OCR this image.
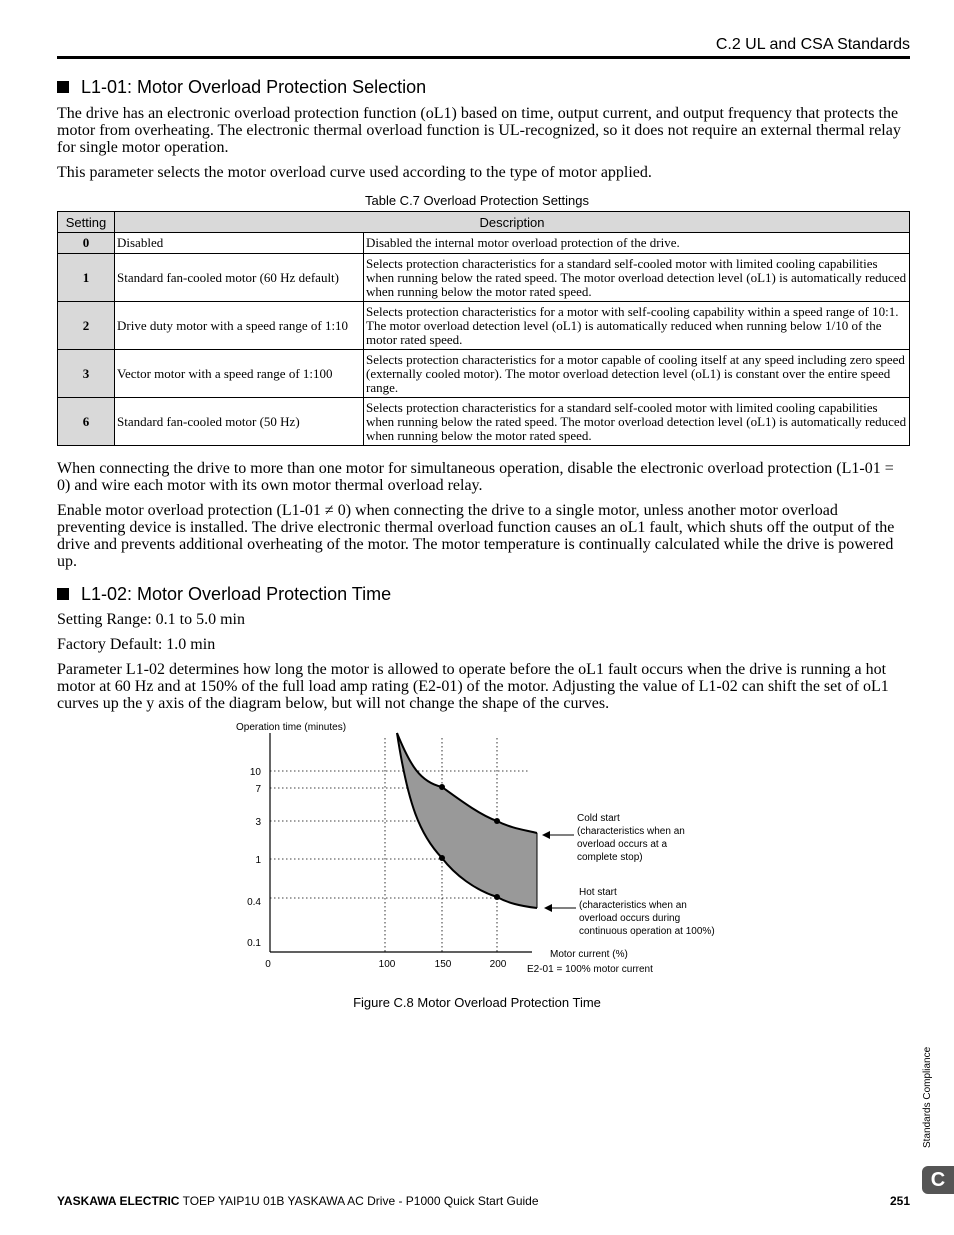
C.2 UL and CSA Standards
L1-01: Motor Overload Protection Selection
The drive has an electronic overload protection function (oL1) based on time, output current, and output frequency that protects the motor from overheating. The electronic thermal overload function is UL-recognized, so it does not require an external thermal relay for single motor operation.
This parameter selects the motor overload curve used according to the type of motor applied.
Table C.7 Overload Protection Settings
Setting	Description	
0	Disabled	Disabled the internal motor overload protection of the drive.
1	Standard fan-cooled motor (60 Hz default)	Selects protection characteristics for a standard self-cooled motor with limited cooling capabilities when running below the rated speed. The motor overload detection level (oL1) is automatically reduced when running below the motor rated speed.
2	Drive duty motor with a speed range of 1:10	Selects protection characteristics for a motor with self-cooling capability within a speed range of 10:1. The motor overload detection level (oL1) is automatically reduced when running below 1/10 of the motor rated speed.
3	Vector motor with a speed range of 1:100	Selects protection characteristics for a motor capable of cooling itself at any speed including zero speed (externally cooled motor). The motor overload detection level (oL1) is constant over the entire speed range.
6	Standard fan-cooled motor (50 Hz)	Selects protection characteristics for a standard self-cooled motor with limited cooling capabilities when running below the rated speed. The motor overload detection level (oL1) is automatically reduced when running below the motor rated speed.
When connecting the drive to more than one motor for simultaneous operation, disable the electronic overload protection (L1-01 = 0) and wire each motor with its own motor thermal overload relay.
Enable motor overload protection (L1-01 ≠ 0) when connecting the drive to a single motor, unless another motor overload preventing device is installed. The drive electronic thermal overload function causes an oL1 fault, which shuts off the output of the drive and prevents additional overheating of the motor. The motor temperature is continually calculated while the drive is powered up.
L1-02: Motor Overload Protection Time
Setting Range: 0.1 to 5.0 min
Factory Default: 1.0 min
Parameter L1-02 determines how long the motor is allowed to operate before the oL1 fault occurs when the drive is running a hot motor at 60 Hz and at 150% of the full load amp rating (E2-01) of the motor. Adjusting the value of L1-02 can shift the set of oL1 curves up the y axis of the diagram below, but will not change the shape of the curves.
Operation time (minutes)
10
7
3
1
0.4
0.1
0	100	150	200
Motor current (%)
E2-01 = 100% motor current
Cold start
(characteristics when an
overload occurs at a
complete stop)
Hot start
(characteristics when an
overload occurs during
continuous operation at 100%)
Figure C.8 Motor Overload Protection Time
Standards Compliance
C
YASKAWA ELECTRIC TOEP YAIP1U 01B YASKAWA AC Drive - P1000 Quick Start Guide	251
